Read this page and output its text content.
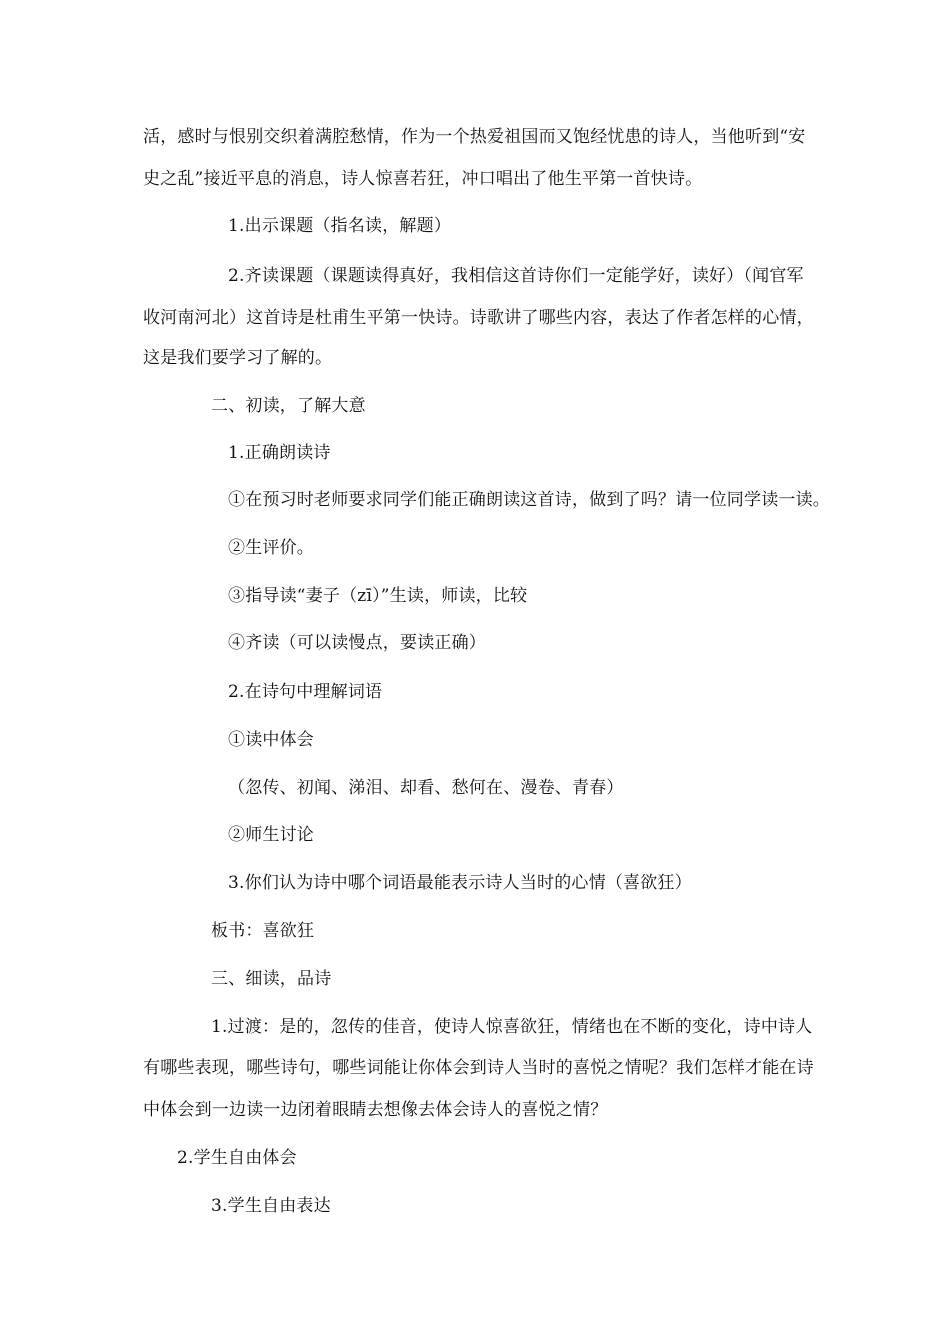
活，感时与恨别交织着满腔愁情，作为一个热爱祖国而又饱经忧患的诗人，当他听到“安
史之乱”接近平息的消息，诗人惊喜若狂，冲口唱出了他生平第一首快诗。
1.出示课题（指名读，解题）
2.齐读课题（课题读得真好，我相信这首诗你们一定能学好，读好）（闻官军
收河南河北）这首诗是杜甫生平第一快诗。诗歌讲了哪些内容，表达了作者怎样的心情，
这是我们要学习了解的。
二、初读，了解大意
1.正确朗读诗
①在预习时老师要求同学们能正确朗读这首诗，做到了吗？请一位同学读一读。
②生评价。
③指导读“妻子（zī）”生读，师读，比较
④齐读（可以读慢点，要读正确）
2.在诗句中理解词语
①读中体会
（忽传、初闻、涕泪、却看、愁何在、漫卷、青春）
②师生讨论
3.你们认为诗中哪个词语最能表示诗人当时的心情（喜欲狂）
板书：喜欲狂
三、细读，品诗
1.过渡：是的，忽传的佳音，使诗人惊喜欲狂，情绪也在不断的变化，诗中诗人
有哪些表现，哪些诗句，哪些词能让你体会到诗人当时的喜悦之情呢？我们怎样才能在诗
中体会到一边读一边闭着眼睛去想像去体会诗人的喜悦之情？
2.学生自由体会
3.学生自由表达
